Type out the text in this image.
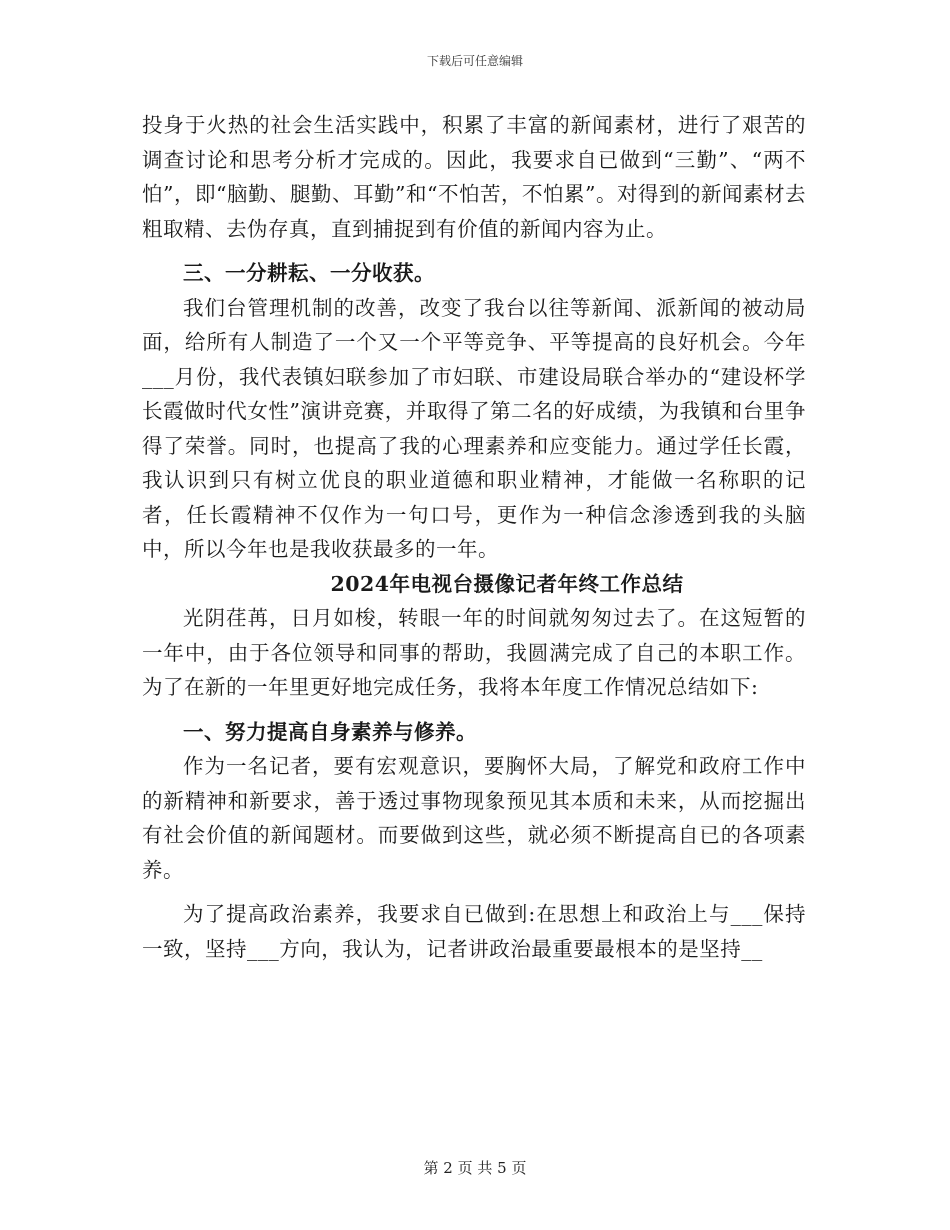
下载后可任意编辑

投身于火热的社会生活实践中，积累了丰富的新闻素材，进行了艰苦的调查讨论和思考分析才完成的。因此，我要求自已做到“三勤”、“两不怕”，即“脑勤、腿勤、耳勤”和“不怕苦，不怕累”。对得到的新闻素材去粗取精、去伪存真，直到捕捉到有价值的新闻内容为止。

三、一分耕耘、一分收获。

我们台管理机制的改善，改变了我台以往等新闻、派新闻的被动局面，给所有人制造了一个又一个平等竞争、平等提高的良好机会。今年___月份，我代表镇妇联参加了市妇联、市建设局联合举办的“建设杯学长霞做时代女性”演讲竞赛，并取得了第二名的好成绩，为我镇和台里争得了荣誉。同时，也提高了我的心理素养和应变能力。通过学任长霞，我认识到只有树立优良的职业道德和职业精神，才能做一名称职的记者，任长霞精神不仅作为一句口号，更作为一种信念渗透到我的头脑中，所以今年也是我收获最多的一年。

2024年电视台摄像记者年终工作总结

光阴荏苒，日月如梭，转眼一年的时间就匆匆过去了。在这短暂的一年中，由于各位领导和同事的帮助，我圆满完成了自己的本职工作。为了在新的一年里更好地完成任务，我将本年度工作情况总结如下:

一、努力提高自身素养与修养。

作为一名记者，要有宏观意识，要胸怀大局，了解党和政府工作中的新精神和新要求，善于透过事物现象预见其本质和未来，从而挖掘出有社会价值的新闻题材。而要做到这些，就必须不断提高自已的各项素养。

为了提高政治素养，我要求自已做到:在思想上和政治上与___保持一致，坚持___方向，我认为，记者讲政治最重要最根本的是坚持__

第 2 页 共 5 页
